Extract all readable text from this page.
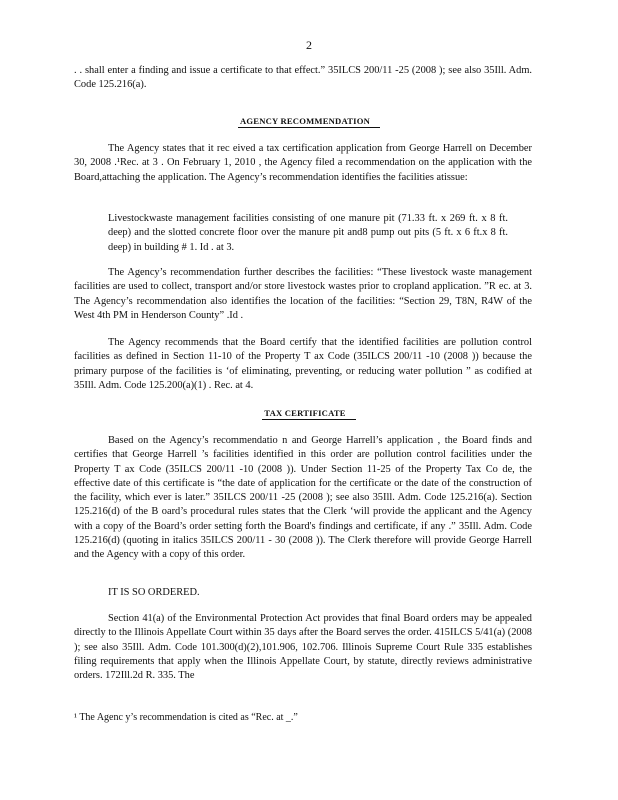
2

. . shall enter a finding and issue a certificate to that effect.” 35ILCS 200/11 -25 (2008 ); see also 35Ill. Adm. Code 125.216(a).

AGENCY RECOMMENDATION

The Agency states that it rec eived a tax certification application from George Harrell on December 30, 2008 .¹Rec. at 3 . On February 1, 2010 , the Agency filed a recommendation on the application with the Board,attaching the application. The Agency’s recommendation identifies the facilities atissue:

Livestockwaste management facilities consisting of one manure pit (71.33 ft. x 269 ft. x 8 ft. deep) and the slotted concrete floor over the manure pit and8 pump out pits (5 ft. x 6 ft.x 8 ft. deep) in building # 1. Id . at 3.

The Agency’s recommendation further describes the facilities: “These livestock waste management facilities are used to collect, transport and/or store livestock wastes prior to cropland application. ”R ec. at 3. The Agency’s recommendation also identifies the location of the facilities: “Section 29, T8N, R4W of the West 4th PM in Henderson County” .Id .

The Agency recommends that the Board certify that the identified facilities are pollution control facilities as defined in Section 11-10 of the Property T ax Code (35ILCS 200/11 -10 (2008 )) because the primary purpose of the facilities is ‘of eliminating, preventing, or reducing water pollution ” as codified at 35Ill. Adm. Code 125.200(a)(1) . Rec. at 4.

TAX CERTIFICATE

Based on the Agency’s recommendatio n and George Harrell’s application , the Board finds and certifies that George Harrell ’s facilities identified in this order are pollution control facilities under the Property T ax Code (35ILCS 200/11 -10 (2008 )). Under Section 11-25 of the Property Tax Co de, the effective date of this certificate is “the date of application for the certificate or the date of the construction of the facility, which ever is later.” 35ILCS 200/11 -25 (2008 ); see also 35Ill. Adm. Code 125.216(a). Section 125.216(d) of the B oard’s procedural rules states that the Clerk ‘will provide the applicant and the Agency with a copy of the Board’s order setting forth the Board's findings and certificate, if any .” 35Ill. Adm. Code 125.216(d) (quoting in italics 35ILCS 200/11 - 30 (2008 )). The Clerk therefore will provide George Harrell and the Agency with a copy of this order.

IT IS SO ORDERED.

Section 41(a) of the Environmental Protection Act provides that final Board orders may be appealed directly to the Illinois Appellate Court within 35 days after the Board serves the order. 415ILCS 5/41(a) (2008 ); see also 35Ill. Adm. Code 101.300(d)(2),101.906, 102.706. Illinois Supreme Court Rule 335 establishes filing requirements that apply when the Illinois Appellate Court, by statute, directly reviews administrative orders. 172Ill.2d R. 335. The

¹ The Agenc y’s recommendation is cited as “Rec. at _.”
